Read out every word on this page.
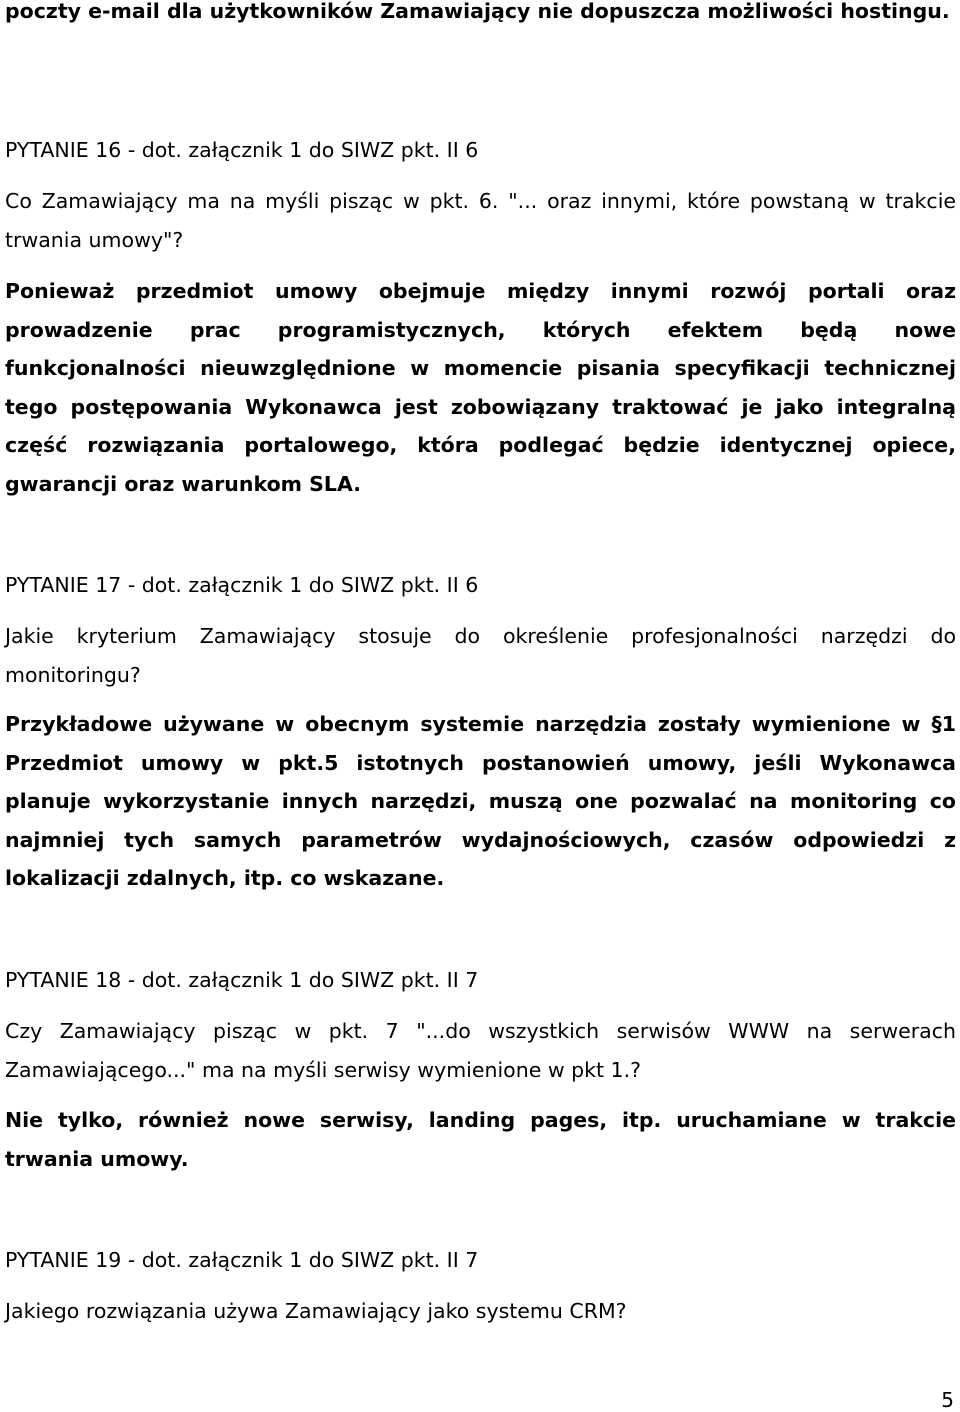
poczty e-mail dla użytkowników Zamawiający nie dopuszcza możliwości hostingu.

PYTANIE 16 - dot. załącznik 1 do SIWZ pkt. II 6

Co Zamawiający ma na myśli pisząc w pkt. 6. "... oraz innymi, które powstaną w trakcie trwania umowy"?

Ponieważ przedmiot umowy obejmuje między innymi rozwój portali oraz prowadzenie prac programistycznych, których efektem będą nowe funkcjonalności nieuwzględnione w momencie pisania specyfikacji technicznej tego postępowania Wykonawca jest zobowiązany traktować je jako integralną część rozwiązania portalowego, która podlegać będzie identycznej opiece, gwarancji oraz warunkom SLA.

PYTANIE 17 - dot. załącznik 1 do SIWZ pkt. II 6

Jakie kryterium Zamawiający stosuje do określenie profesjonalności narzędzi do monitoringu?

Przykładowe używane w obecnym systemie narzędzia zostały wymienione w §1 Przedmiot umowy w pkt.5 istotnych postanowień umowy, jeśli Wykonawca planuje wykorzystanie innych narzędzi, muszą one pozwalać na monitoring co najmniej tych samych parametrów wydajnościowych, czasów odpowiedzi z lokalizacji zdalnych, itp. co wskazane.

PYTANIE 18 - dot. załącznik 1 do SIWZ pkt. II 7

Czy Zamawiający pisząc w pkt. 7 "...do wszystkich serwisów WWW na serwerach Zamawiającego..." ma na myśli serwisy wymienione w pkt 1.?

Nie tylko, również nowe serwisy, landing pages, itp. uruchamiane w trakcie trwania umowy.

PYTANIE 19 - dot. załącznik 1 do SIWZ pkt. II 7

Jakiego rozwiązania używa Zamawiający jako systemu CRM?

5
